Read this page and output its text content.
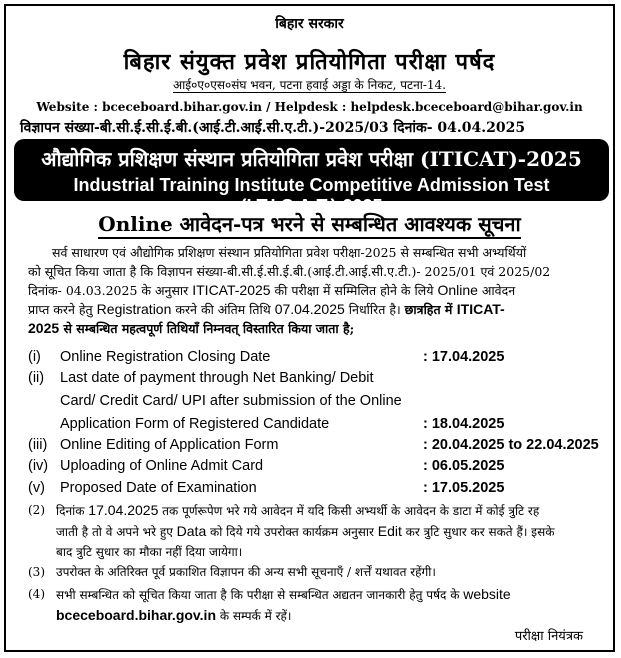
बिहार सरकार
बिहार संयुक्त प्रवेश प्रतियोगिता परीक्षा पर्षद
आई०ए०एस०संघ भवन, पटना हवाई अड्डा के निकट, पटना-14.
Website : bceceboard.bihar.gov.in / Helpdesk : helpdesk.bceceboard@bihar.gov.in
विज्ञापन संख्या-बी.सी.ई.सी.ई.बी.(आई.टी.आई.सी.ए.टी.)-2025/03 दिनांक- 04.04.2025
औद्योगिक प्रशिक्षण संस्थान प्रतियोगिता प्रवेश परीक्षा (ITICAT)-2025
Industrial Training Institute Competitive Admission Test (I.T.I.C.A.T.)-2025
Online आवेदन-पत्र भरने से सम्बन्धित आवश्यक सूचना
सर्व साधारण एवं औद्योगिक प्रशिक्षण संस्थान प्रतियोगिता प्रवेश परीक्षा-2025 से सम्बन्धित सभी अभ्यर्थियों
को सूचित किया जाता है कि विज्ञापन संख्या-बी.सी.ई.सी.ई.बी.(आई.टी.आई.सी.ए.टी.)- 2025/01 एवं 2025/02
दिनांक- 04.03.2025 के अनुसार ITICAT-2025 की परीक्षा में सम्मिलित होने के लिये Online आवेदन
प्राप्त करने हेतु Registration करने की अंतिम तिथि 07.04.2025 निर्धारित है। छात्रहित में ITICAT-
2025 से सम्बन्धित महत्वपूर्ण तिथियाँ निम्नवत् विस्तारित किया जाता है;
(i) Online Registration Closing Date	: 17.04.2025
(ii) Last date of payment through Net Banking/ Debit
Card/ Credit Card/ UPI after submission of the Online
Application Form of Registered Candidate	: 18.04.2025
(iii) Online Editing of Application Form	: 20.04.2025 to 22.04.2025
(iv) Uploading of Online Admit Card	: 06.05.2025
(v) Proposed Date of Examination	: 17.05.2025
(2) दिनांक 17.04.2025 तक पूर्णरूपेण भरे गये आवेदन में यदि किसी अभ्यर्थी के आवेदन के डाटा में कोई त्रुटि रह
जाती है तो वे अपने भरे हुए Data को दिये गये उपरोक्त कार्यक्रम अनुसार Edit कर त्रुटि सुधार कर सकते हैं। इसके
बाद त्रुटि सुधार का मौका नहीं दिया जायेगा।
(3) उपरोक्त के अतिरिक्त पूर्व प्रकाशित विज्ञापन की अन्य सभी सूचनाएँ / शर्त्तें यथावत रहेंगी।
(4) सभी सम्बन्धित को सूचित किया जाता है कि परीक्षा से सम्बन्धित अद्यतन जानकारी हेतु पर्षद के website
bceceboard.bihar.gov.in के सम्पर्क में रहें।
परीक्षा नियंत्रक
